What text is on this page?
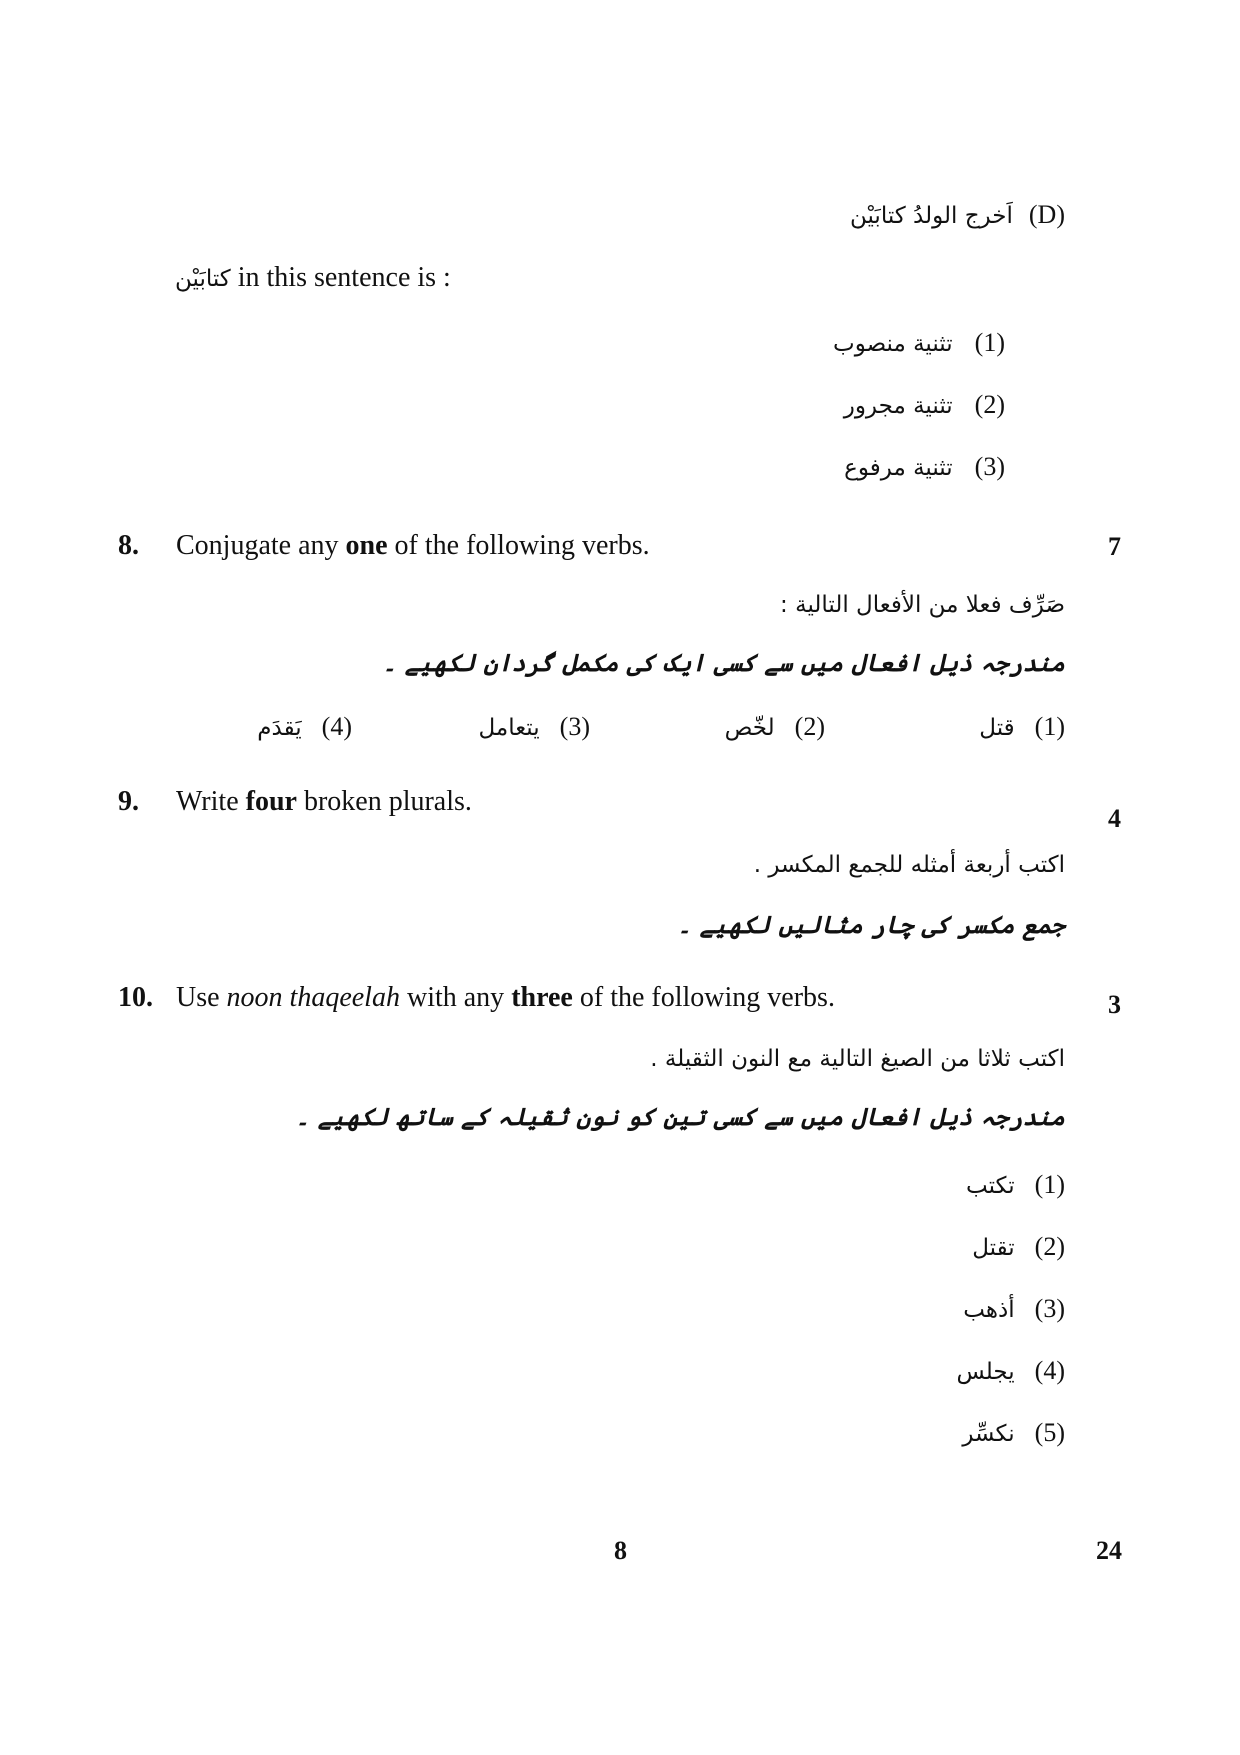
(D)
اَخرج الولدُ كتابَيْن
كتابَيْن in this sentence is :
(1)
تثنية منصوب
(2)
تثنية مجرور
(3)
تثنية مرفوع
8. Conjugate any one of the following verbs.	7
صَرِّف فعلا من الأفعال التالية :
مندرجہ ذیل افعال میں سے کسی ایک کی مکمل گردان لکھیے ۔
(1)
قتل
(2)
لخّص
(3)
يتعامل
(4)
يَقدَم
9. Write four broken plurals.
4
اكتب أربعة أمثله للجمع المكسر .
جمع مکسر کی چار مثالیں لکھیے ۔
10. Use noon thaqeelah with any three of the following verbs.	3
اكتب ثلاثا من الصيغ التالية مع النون الثقيلة .
مندرجہ ذیل افعال میں سے کسی تین کو نون ثقیلہ کے ساتھ لکھیے ۔
(1)
تكتب
(2)
تقتل
(3)
أذهب
(4)
يجلس
(5)
نكسِّر
8	24
